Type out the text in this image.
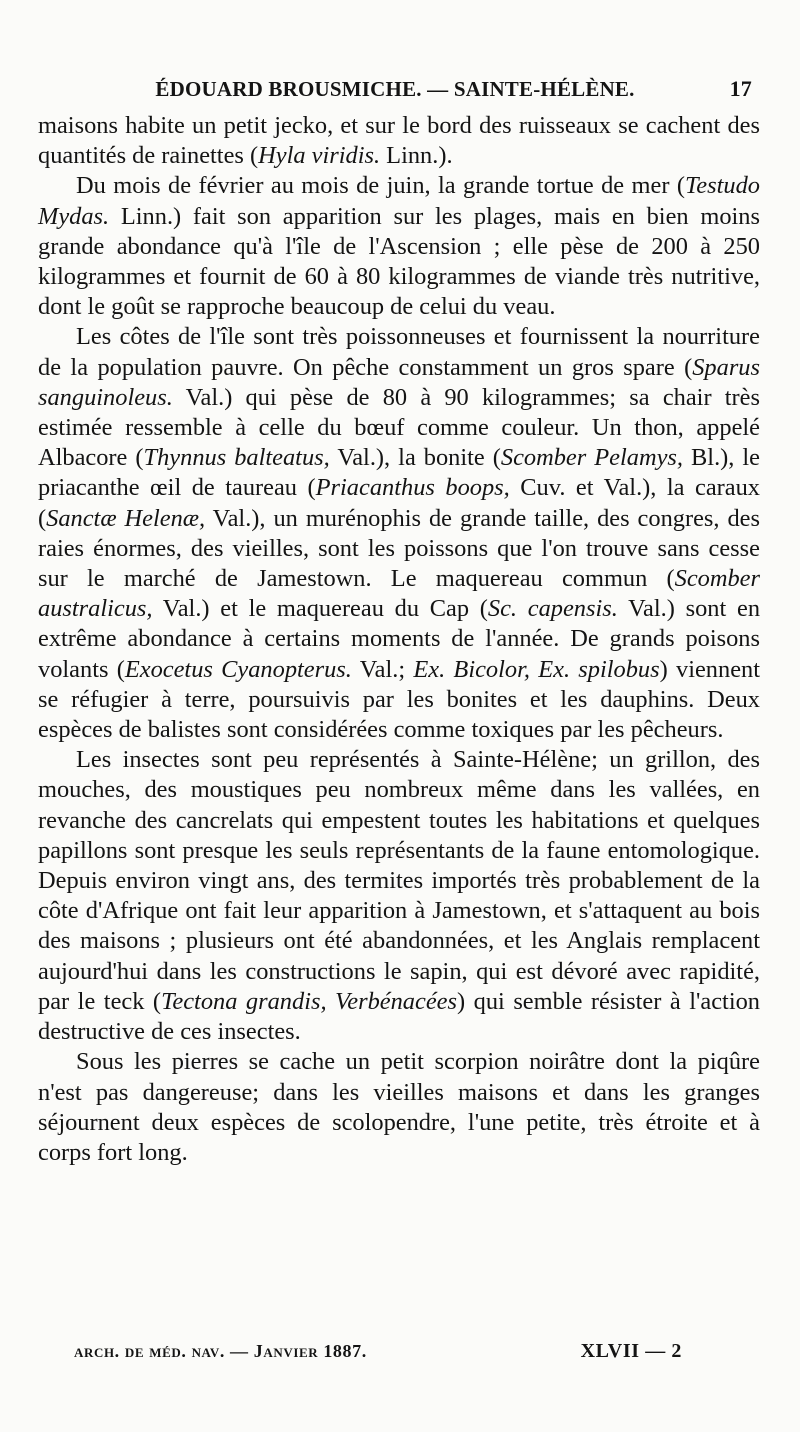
ÉDOUARD BROUSMICHE. — SAINTE-HÉLÈNE.	17

maisons habite un petit jecko, et sur le bord des ruisseaux se cachent des quantités de rainettes (Hyla viridis. Linn.).

Du mois de février au mois de juin, la grande tortue de mer (Testudo Mydas. Linn.) fait son apparition sur les plages, mais en bien moins grande abondance qu'à l'île de l'Ascension ; elle pèse de 200 à 250 kilogrammes et fournit de 60 à 80 kilogrammes de viande très nutritive, dont le goût se rapproche beaucoup de celui du veau.

Les côtes de l'île sont très poissonneuses et fournissent la nourriture de la population pauvre. On pêche constamment un gros spare (Sparus sanguinoleus. Val.) qui pèse de 80 à 90 kilogrammes; sa chair très estimée ressemble à celle du bœuf comme couleur. Un thon, appelé Albacore (Thynnus balteatus, Val.), la bonite (Scomber Pelamys, Bl.), le priacanthe œil de taureau (Priacanthus boops, Cuv. et Val.), la caraux (Sanctæ Helenæ, Val.), un murénophis de grande taille, des congres, des raies énormes, des vieilles, sont les poissons que l'on trouve sans cesse sur le marché de Jamestown. Le maquereau commun (Scomber australicus, Val.) et le maquereau du Cap (Sc. capensis. Val.) sont en extrême abondance à certains moments de l'année. De grands poisons volants (Exocetus Cyanopterus. Val.; Ex. Bicolor, Ex. spilobus) viennent se réfugier à terre, poursuivis par les bonites et les dauphins. Deux espèces de balistes sont considérées comme toxiques par les pêcheurs.

Les insectes sont peu représentés à Sainte-Hélène; un grillon, des mouches, des moustiques peu nombreux même dans les vallées, en revanche des cancrelats qui empestent toutes les habitations et quelques papillons sont presque les seuls représentants de la faune entomologique. Depuis environ vingt ans, des termites importés très probablement de la côte d'Afrique ont fait leur apparition à Jamestown, et s'attaquent au bois des maisons ; plusieurs ont été abandonnées, et les Anglais remplacent aujourd'hui dans les constructions le sapin, qui est dévoré avec rapidité, par le teck (Tectona grandis, Verbénacées) qui semble résister à l'action destructive de ces insectes.

Sous les pierres se cache un petit scorpion noirâtre dont la piqûre n'est pas dangereuse; dans les vieilles maisons et dans les granges séjournent deux espèces de scolopendre, l'une petite, très étroite et à corps fort long.

arch. de méd. nav. — Janvier 1887.	XLVII — 2
